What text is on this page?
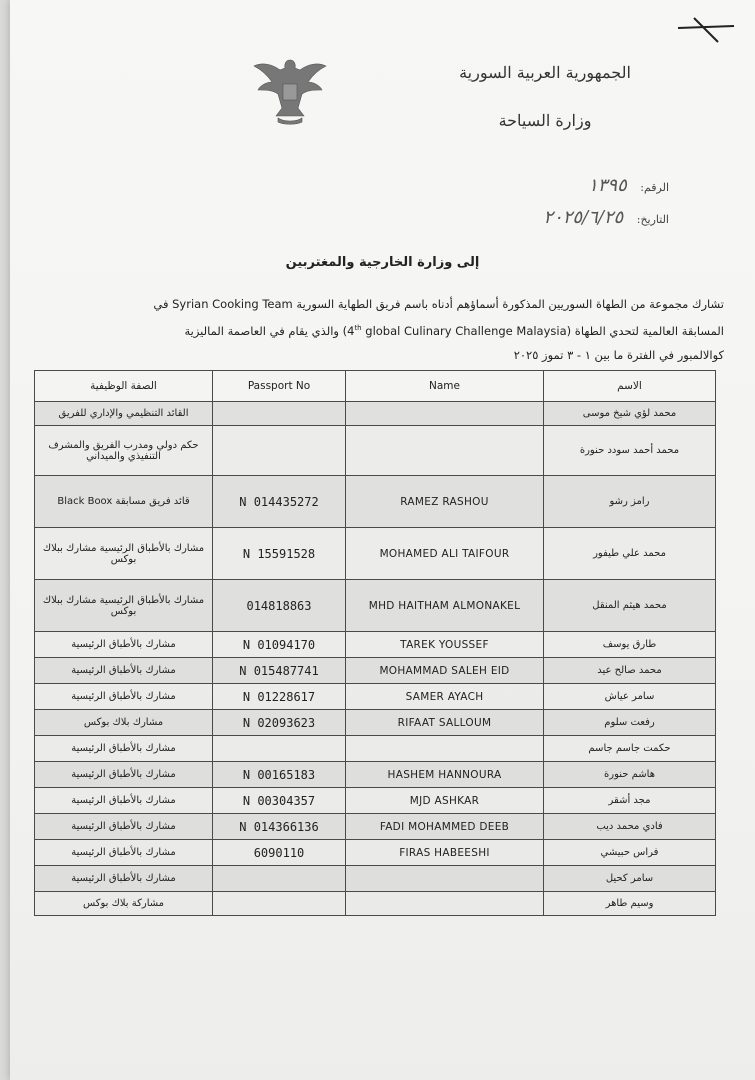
الجمهورية العربية السورية
وزارة السياحة
الرقم: ١٣٩٥
التاريخ: ٢٠٢٥/٦/٢٥
إلى وزارة الخارجية والمغتربين
تشارك مجموعة من الطهاة السوريين المذكورة أسماؤهم أدناه باسم فريق الطهاية السورية Syrian Cooking Team في
المسابقة العالمية لتحدي الطهاة (4th global Culinary Challenge Malaysia) والذي يقام في العاصمة الماليزية
كوالالمبور في الفترة ما بين ١ - ٣ تموز ٢٠٢٥
الصفة الوظيفية	Passport No	Name	الاسم
القائد التنظيمي والإداري للفريق			محمد لؤي شيخ موسى
حكم دولي ومدرب الفريق والمشرف التنفيذي والميداني			محمد أحمد سودد حنورة
قائد فريق مسابقة Black Boox	N 014435272	RAMEZ RASHOU	رامز رشو
مشارك بالأطباق الرئيسية مشارك ببلاك بوكس	N 15591528	MOHAMED ALI TAIFOUR	محمد علي طيفور
مشارك بالأطباق الرئيسية مشارك ببلاك بوكس	014818863	MHD HAITHAM ALMONAKEL	محمد هيثم المنقل
مشارك بالأطباق الرئيسية	N 01094170	TAREK YOUSSEF	طارق يوسف
مشارك بالأطباق الرئيسية	N 015487741	MOHAMMAD SALEH EID	محمد صالح عيد
مشارك بالأطباق الرئيسية	N 01228617	SAMER AYACH	سامر عياش
مشارك بلاك بوكس	N 02093623	RIFAAT SALLOUM	رفعت سلوم
مشارك بالأطباق الرئيسية			حكمت جاسم جاسم
مشارك بالأطباق الرئيسية	N 00165183	HASHEM HANNOURA	هاشم حنورة
مشارك بالأطباق الرئيسية	N 00304357	MJD ASHKAR	مجد أشقر
مشارك بالأطباق الرئيسية	N 014366136	FADI MOHAMMED DEEB	فادي محمد ديب
مشارك بالأطباق الرئيسية	6090110	FIRAS HABEESHI	فراس حبيشي
مشارك بالأطباق الرئيسية			سامر كحيل
مشاركة بلاك بوكس			وسيم طاهر
